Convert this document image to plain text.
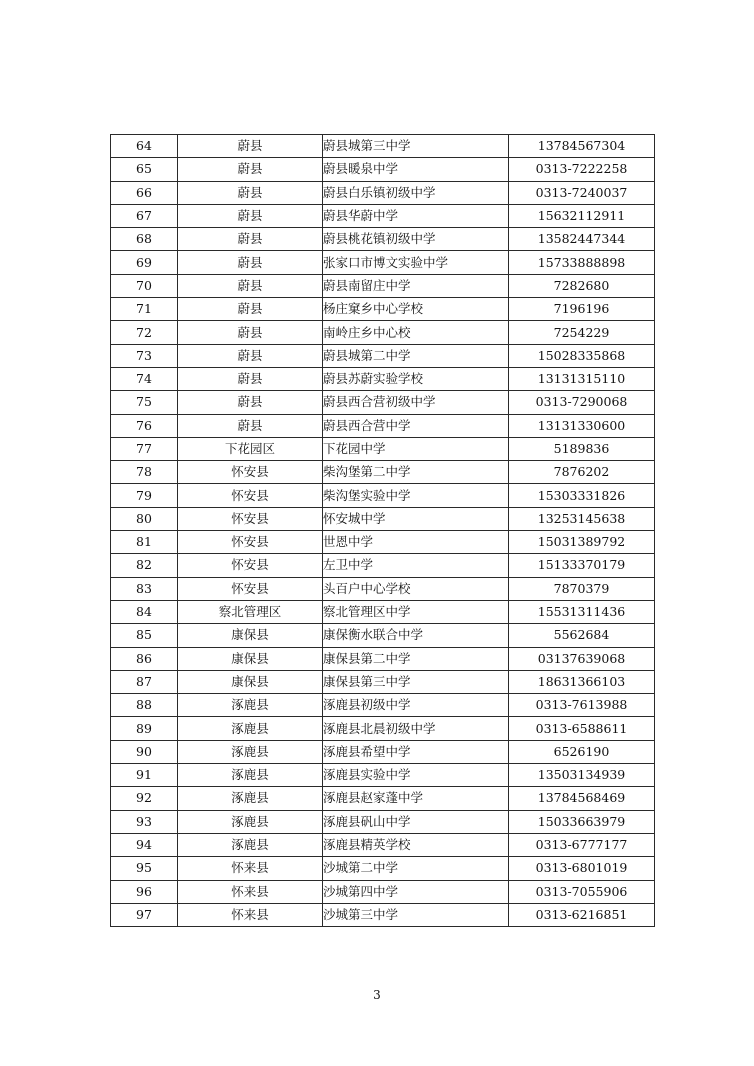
64	蔚县	蔚县城第三中学	13784567304
65	蔚县	蔚县暖泉中学	0313-7222258
66	蔚县	蔚县白乐镇初级中学	0313-7240037
67	蔚县	蔚县华蔚中学	15632112911
68	蔚县	蔚县桃花镇初级中学	13582447344
69	蔚县	张家口市博文实验中学	15733888898
70	蔚县	蔚县南留庄中学	7282680
71	蔚县	杨庄窠乡中心学校	7196196
72	蔚县	南岭庄乡中心校	7254229
73	蔚县	蔚县城第二中学	15028335868
74	蔚县	蔚县苏蔚实验学校	13131315110
75	蔚县	蔚县西合营初级中学	0313-7290068
76	蔚县	蔚县西合营中学	13131330600
77	下花园区	下花园中学	5189836
78	怀安县	柴沟堡第二中学	7876202
79	怀安县	柴沟堡实验中学	15303331826
80	怀安县	怀安城中学	13253145638
81	怀安县	世恩中学	15031389792
82	怀安县	左卫中学	15133370179
83	怀安县	头百户中心学校	7870379
84	察北管理区	察北管理区中学	15531311436
85	康保县	康保衡水联合中学	5562684
86	康保县	康保县第二中学	03137639068
87	康保县	康保县第三中学	18631366103
88	涿鹿县	涿鹿县初级中学	0313-7613988
89	涿鹿县	涿鹿县北晨初级中学	0313-6588611
90	涿鹿县	涿鹿县希望中学	6526190
91	涿鹿县	涿鹿县实验中学	13503134939
92	涿鹿县	涿鹿县赵家蓬中学	13784568469
93	涿鹿县	涿鹿县矾山中学	15033663979
94	涿鹿县	涿鹿县精英学校	0313-6777177
95	怀来县	沙城第二中学	0313-6801019
96	怀来县	沙城第四中学	0313-7055906
97	怀来县	沙城第三中学	0313-6216851
3
